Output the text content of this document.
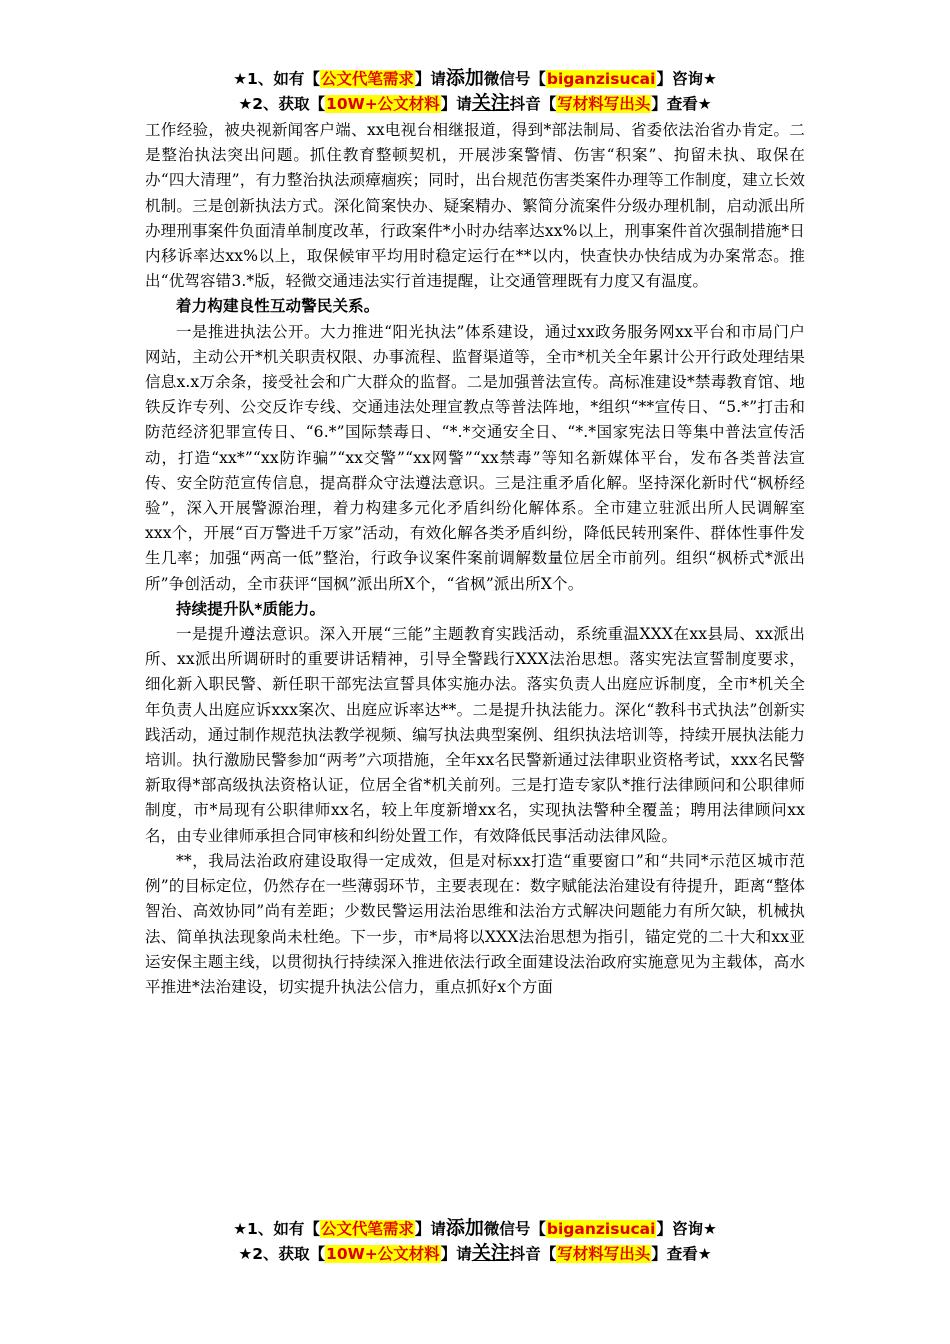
★1、如有【公文代笔需求】请添加微信号【biganzisucai】咨询★
★2、获取【10W+公文材料】请关注抖音【写材料写出头】查看★

工作经验，被央视新闻客户端、xx电视台相继报道，得到*部法制局、省委依法治省办肯定。二是整治执法突出问题。抓住教育整顿契机，开展涉案警情、伤害“积案”、拘留未执、取保在办“四大清理”，有力整治执法顽瘴痼疾；同时，出台规范伤害类案件办理等工作制度，建立长效机制。三是创新执法方式。深化简案快办、疑案精办、繁简分流案件分级办理机制，启动派出所办理刑事案件负面清单制度改革，行政案件*小时办结率达xx%以上，刑事案件首次强制措施*日内移诉率达xx%以上，取保候审平均用时稳定运行在**以内，快查快办快结成为办案常态。推出“优驾容错3.*版，轻微交通违法实行首违提醒，让交通管理既有力度又有温度。

着力构建良性互动警民关系。

一是推进执法公开。大力推进“阳光执法”体系建设，通过xx政务服务网xx平台和市局门户网站，主动公开*机关职责权限、办事流程、监督渠道等，全市*机关全年累计公开行政处理结果信息x.x万余条，接受社会和广大群众的监督。二是加强普法宣传。高标准建设*禁毒教育馆、地铁反诈专列、公交反诈专线、交通违法处理宣教点等普法阵地，*组织“**宣传日、“5.*”打击和防范经济犯罪宣传日、“6.*”国际禁毒日、“*.*交通安全日、“*.*国家宪法日等集中普法宣传活动，打造“xx*”“xx防诈骗”“xx交警”“xx网警”“xx禁毒”等知名新媒体平台，发布各类普法宣传、安全防范宣传信息，提高群众守法遵法意识。三是注重矛盾化解。坚持深化新时代“枫桥经验”，深入开展警源治理，着力构建多元化矛盾纠纷化解体系。全市建立驻派出所人民调解室xxx个，开展“百万警进千万家”活动，有效化解各类矛盾纠纷，降低民转刑案件、群体性事件发生几率；加强“两高一低”整治，行政争议案件案前调解数量位居全市前列。组织“枫桥式*派出所”争创活动，全市获评“国枫”派出所X个，“省枫”派出所X个。

持续提升队*质能力。

一是提升遵法意识。深入开展“三能”主题教育实践活动，系统重温XXX在xx县局、xx派出所、xx派出所调研时的重要讲话精神，引导全警践行XXX法治思想。落实宪法宣誓制度要求，细化新入职民警、新任职干部宪法宣誓具体实施办法。落实负责人出庭应诉制度，全市*机关全年负责人出庭应诉xxx案次、出庭应诉率达**。二是提升执法能力。深化“教科书式执法”创新实践活动，通过制作规范执法教学视频、编写执法典型案例、组织执法培训等，持续开展执法能力培训。执行激励民警参加“两考”六项措施，全年xx名民警新通过法律职业资格考试，xxx名民警新取得*部高级执法资格认证，位居全省*机关前列。三是打造专家队*推行法律顾问和公职律师制度，市*局现有公职律师xx名，较上年度新增xx名，实现执法警种全覆盖；聘用法律顾问xx名，由专业律师承担合同审核和纠纷处置工作，有效降低民事活动法律风险。

**，我局法治政府建设取得一定成效，但是对标xx打造“重要窗口”和“共同*示范区城市范例”的目标定位，仍然存在一些薄弱环节，主要表现在：数字赋能法治建设有待提升，距离“整体智治、高效协同”尚有差距；少数民警运用法治思维和法治方式解决问题能力有所欠缺，机械执法、简单执法现象尚未杜绝。下一步，市*局将以XXX法治思想为指引，锚定党的二十大和xx亚运安保主题主线，以贯彻执行持续深入推进依法行政全面建设法治政府实施意见为主载体，高水平推进*法治建设，切实提升执法公信力，重点抓好x个方面

★1、如有【公文代笔需求】请添加微信号【biganzisucai】咨询★
★2、获取【10W+公文材料】请关注抖音【写材料写出头】查看★
